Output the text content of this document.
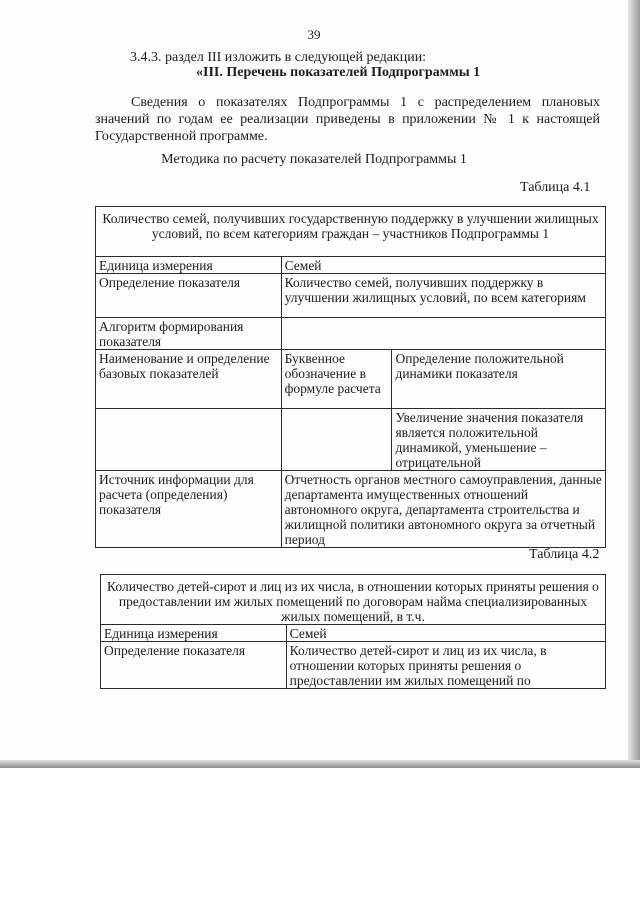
39
3.4.3. раздел III изложить в следующей редакции:
«III. Перечень показателей Подпрограммы 1
Сведения о показателях Подпрограммы 1 с распределением плановых значений по годам ее реализации приведены в приложении № 1 к настоящей Государственной программе.
Методика по расчету показателей Подпрограммы 1
Таблица 4.1
Количество семей, получивших государственную поддержку в улучшении жилищных условий, по всем категориям граждан – участников Подпрограммы 1		
Единица измерения	Семей	
Определение показателя	Количество семей, получивших поддержку в улучшении жилищных условий, по всем категориям	
Алгоритм формирования показателя		
Наименование и определение базовых показателей	Буквенное обозначение в формуле расчета	Определение положительной динамики показателя
		Увеличение значения показателя является положительной динамикой, уменьшение – отрицательной
Источник информации для расчета (определения) показателя	Отчетность органов местного самоуправления, данные департамента имущественных отношений автономного округа, департамента строительства и жилищной политики автономного округа за отчетный период	
Таблица 4.2
Количество детей-сирот и лиц из их числа, в отношении которых приняты решения о предоставлении им жилых помещений по договорам найма специализированных жилых помещений, в т.ч.	
Единица измерения	Семей
Определение показателя	Количество детей-сирот и лиц из их числа, в отношении которых приняты решения о предоставлении им жилых помещений по
